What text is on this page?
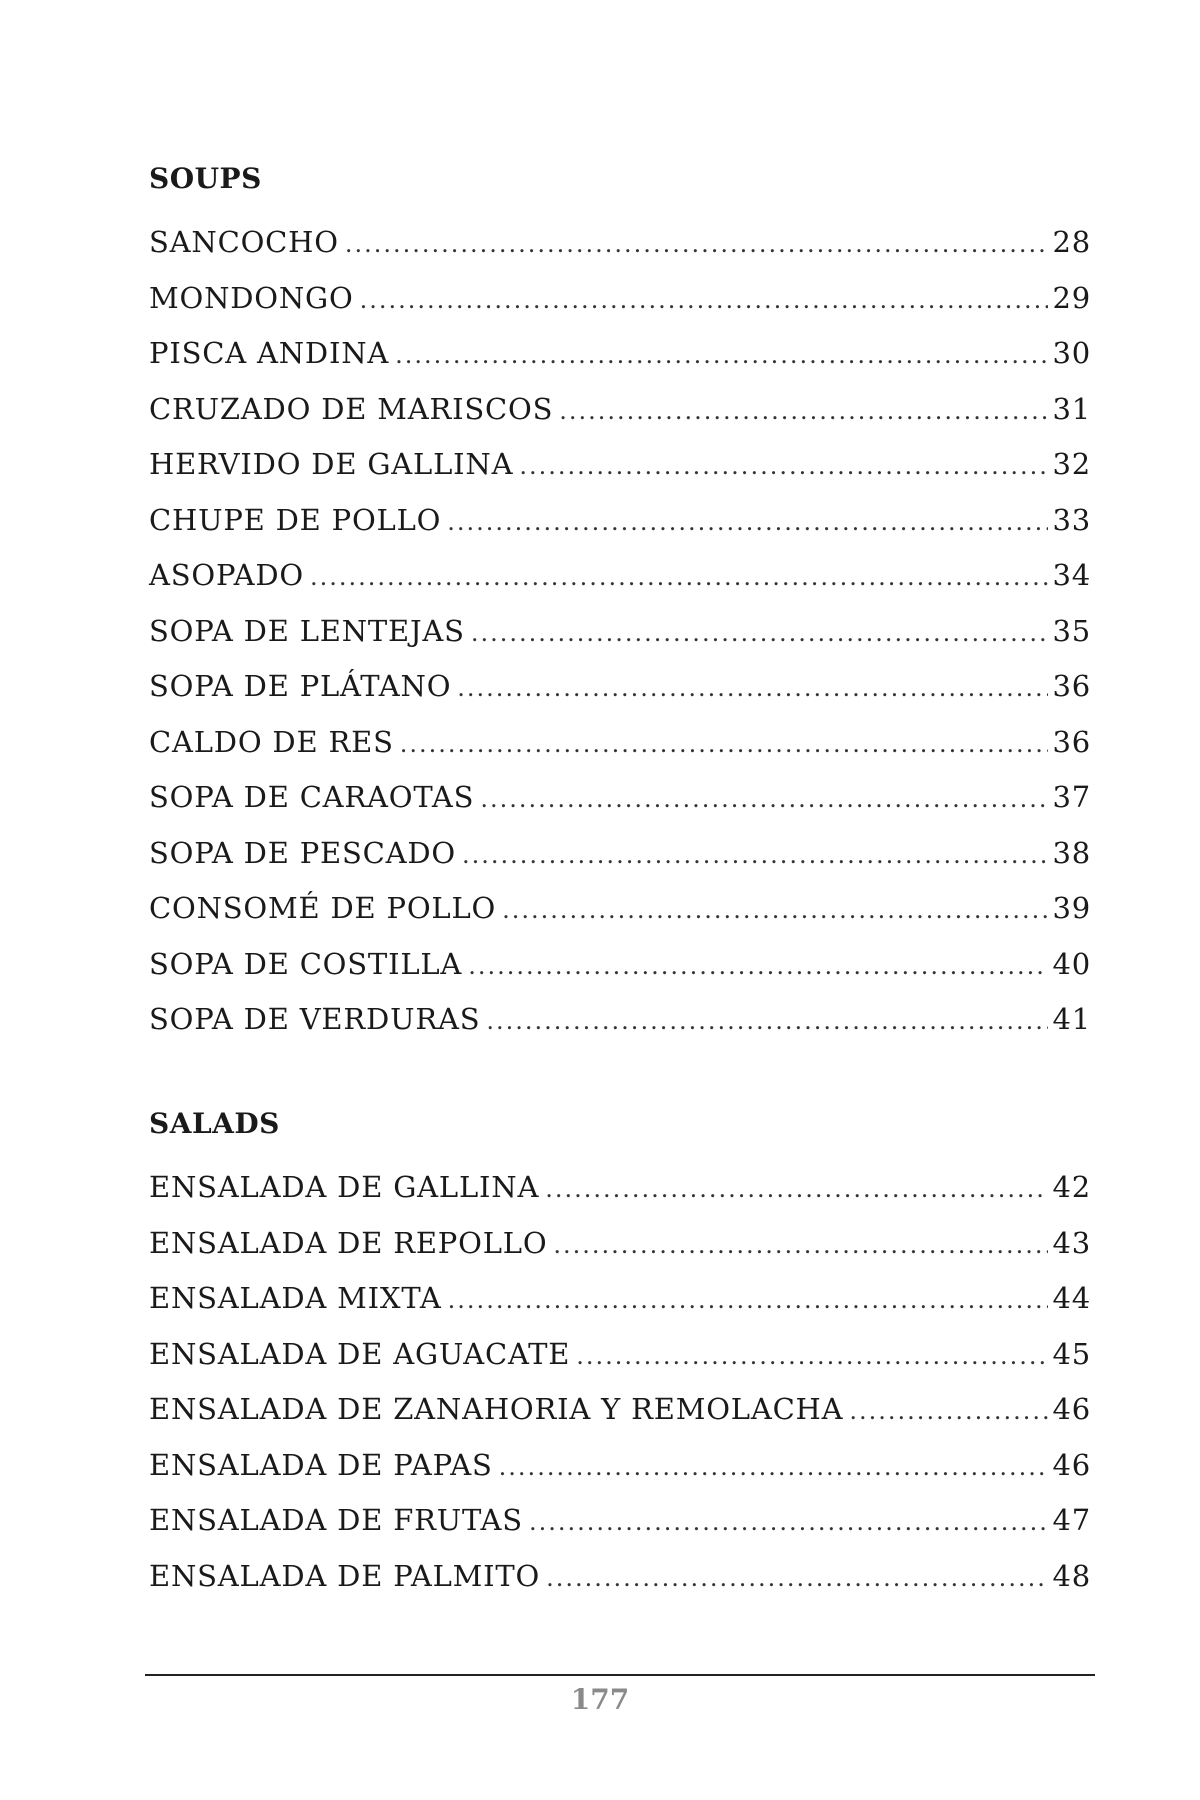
SOUPS
SANCOCHO .....	28
MONDONGO .....	29
PISCA ANDINA .....	30
CRUZADO DE MARISCOS .....	31
HERVIDO DE GALLINA .....	32
CHUPE DE POLLO .....	33
ASOPADO .....	34
SOPA DE LENTEJAS .....	35
SOPA DE PLÁTANO .....	36
CALDO DE RES .....	36
SOPA DE CARAOTAS .....	37
SOPA DE PESCADO .....	38
CONSOMÉ DE POLLO .....	39
SOPA DE COSTILLA .....	40
SOPA DE VERDURAS .....	41
SALADS
ENSALADA DE GALLINA .....	42
ENSALADA DE REPOLLO .....	43
ENSALADA MIXTA .....	44
ENSALADA DE AGUACATE .....	45
ENSALADA DE ZANAHORIA Y REMOLACHA .....	46
ENSALADA DE PAPAS .....	46
ENSALADA DE FRUTAS .....	47
ENSALADA DE PALMITO .....	48
177
